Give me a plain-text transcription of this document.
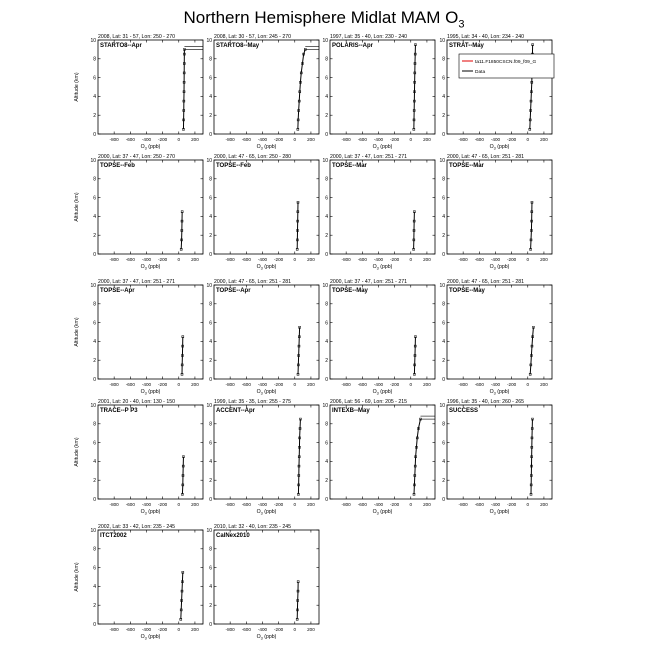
Northern Hemisphere Midlat MAM $O_3$
2008, Lat: 31 - 57, Lon: 250 - 270
STARTO8--Apr
0
2
4
6
8
10
-800 -600 -400 -200 0 200
$O_3$ (ppb)
Altitude (km)
2008, Lat: 30 - 57, Lon: 245 - 270
STARTO8--May
0
2
4
6
8
10
-800 -600 -400 -200 0 200
$O_3$ (ppb)
1997, Lat: 35 - 40, Lon: 230 - 240
POLARIS--Apr
0
2
4
6
8
10
-800 -600 -400 -200 0 200
$O_3$ (ppb)
1995, Lat: 34 - 40, Lon: 234 - 240
STRAT--May
0
2
4
6
8
10
-800 -600 -400 -200 0 200
$O_3$ (ppb)
ta11.F1850CSCN.f09_f09_G
Data
2000, Lat: 37 - 47, Lon: 250 - 270
TOPSE--Feb
0
2
4
6
8
10
-800 -600 -400 -200 0 200
$O_3$ (ppb)
Altitude (km)
2000, Lat: 47 - 65, Lon: 250 - 280
TOPSE--Feb
0
2
4
6
8
10
-800 -600 -400 -200 0 200
$O_3$ (ppb)
2000, Lat: 37 - 47, Lon: 251 - 271
TOPSE--Mar
0
2
4
6
8
10
-800 -600 -400 -200 0 200
$O_3$ (ppb)
2000, Lat: 47 - 65, Lon: 251 - 281
TOPSE--Mar
0
2
4
6
8
10
-800 -600 -400 -200 0 200
$O_3$ (ppb)
2000, Lat: 37 - 47, Lon: 251 - 271
TOPSE--Apr
0
2
4
6
8
10
-800 -600 -400 -200 0 200
$O_3$ (ppb)
Altitude (km)
2000, Lat: 47 - 65, Lon: 251 - 281
TOPSE--Apr
0
2
4
6
8
10
-800 -600 -400 -200 0 200
$O_3$ (ppb)
2000, Lat: 37 - 47, Lon: 251 - 271
TOPSE--May
0
2
4
6
8
10
-800 -600 -400 -200 0 200
$O_3$ (ppb)
2000, Lat: 47 - 65, Lon: 251 - 281
TOPSE--May
0
2
4
6
8
10
-800 -600 -400 -200 0 200
$O_3$ (ppb)
2001, Lat: 20 - 40, Lon: 130 - 150
TRACE--P P3
0
2
4
6
8
10
-800 -600 -400 -200 0 200
$O_3$ (ppb)
Altitude (km)
1999, Lat: 35 - 35, Lon: 255 - 275
ACCENT--Apr
0
2
4
6
8
10
-800 -600 -400 -200 0 200
$O_3$ (ppb)
2006, Lat: 56 - 69, Lon: 205 - 215
INTEXB--May
0
2
4
6
8
10
-800 -600 -400 -200 0 200
$O_3$ (ppb)
1996, Lat: 35 - 40, Lon: 260 - 265
SUCCESS
0
2
4
6
8
10
-800 -600 -400 -200 0 200
$O_3$ (ppb)
2002, Lat: 33 - 42, Lon: 235 - 245
ITCT2002
0
2
4
6
8
10
-800 -600 -400 -200 0 200
$O_3$ (ppb)
Altitude (km)
2010, Lat: 32 - 40, Lon: 235 - 245
CalNex2010
0
2
4
6
8
10
-800 -600 -400 -200 0 200
$O_3$ (ppb)
